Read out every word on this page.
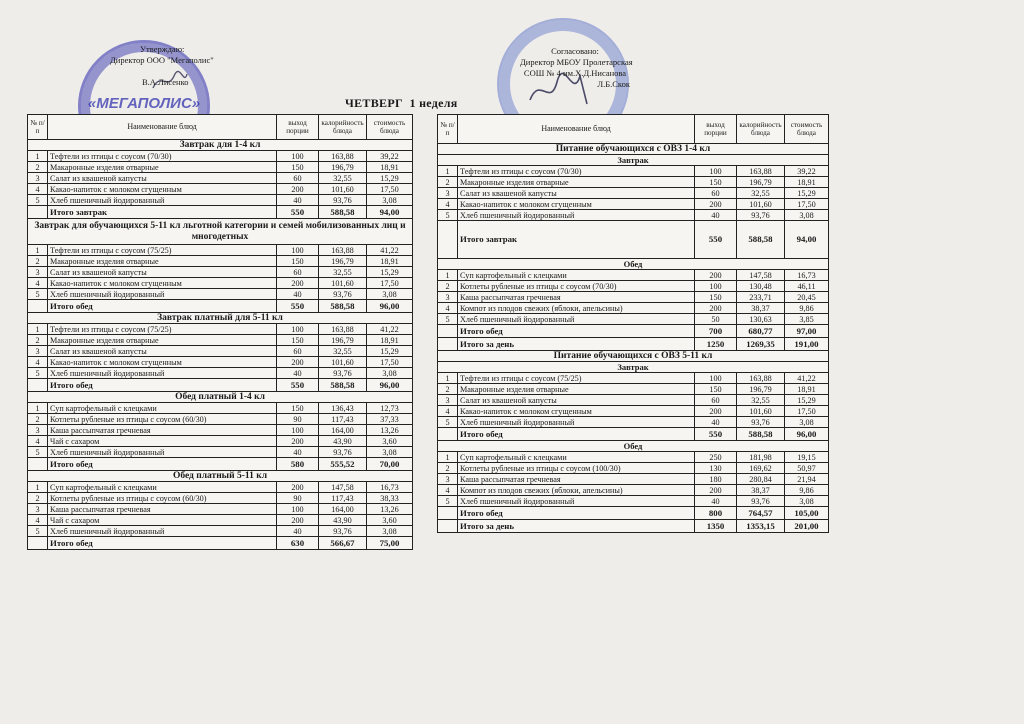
«МЕГАПОЛИС»
Утверждаю:
Директор ООО "Мегаполис"
В.А.Лисенко
Согласовано:
Директор МБОУ Пролетарская
СОШ № 4 им.Х.Д.Нисанова
Л.Б.Скок
ЧЕТВЕРГ  1 неделя
№ п/п	Наименование блюд	выход порции	калорийность блюда	стоимость блюда
Завтрак для 1-4 кл				
1	Тефтели из птицы с соусом (70/30)	100	163,88	39,22
2	Макаронные изделия отварные	150	196,79	18,91
3	Салат из квашеной капусты	60	32,55	15,29
4	Какао-напиток с молоком сгущенным	200	101,60	17,50
5	Хлеб пшеничный йодированный	40	93,76	3,08
	Итого завтрак	550	588,58	94,00
Завтрак для обучающихся 5-11 кл льготной категории и семей мобилизованных лиц и многодетных				
1	Тефтели из птицы с соусом (75/25)	100	163,88	41,22
2	Макаронные изделия отварные	150	196,79	18,91
3	Салат из квашеной капусты	60	32,55	15,29
4	Какао-напиток с молоком сгущенным	200	101,60	17,50
5	Хлеб пшеничный йодированный	40	93,76	3,08
	Итого обед	550	588,58	96,00
Завтрак платный для 5-11 кл				
1	Тефтели из птицы с соусом (75/25)	100	163,88	41,22
2	Макаронные изделия отварные	150	196,79	18,91
3	Салат из квашеной капусты	60	32,55	15,29
4	Какао-напиток с молоком сгущенным	200	101,60	17,50
5	Хлеб пшеничный йодированный	40	93,76	3,08
	Итого обед	550	588,58	96,00
Обед платный 1-4 кл				
1	Суп картофельный с клецками	150	136,43	12,73
2	Котлеты рубленые из птицы с соусом (60/30)	90	117,43	37,33
3	Каша рассыпчатая гречневая	100	164,00	13,26
4	Чай с сахаром	200	43,90	3,60
5	Хлеб пшеничный йодированный	40	93,76	3,08
	Итого обед	580	555,52	70,00
Обед платный 5-11 кл				
1	Суп картофельный с клецками	200	147,58	16,73
2	Котлеты рубленые из птицы с соусом (60/30)	90	117,43	38,33
3	Каша рассыпчатая гречневая	100	164,00	13,26
4	Чай с сахаром	200	43,90	3,60
5	Хлеб пшеничный йодированный	40	93,76	3,08
	Итого обед	630	566,67	75,00
№ п/п	Наименование блюд	выход порции	калорийность блюда	стоимость блюда
Питание обучающихся с ОВЗ 1-4 кл				
Завтрак				
1	Тефтели из птицы с соусом (70/30)	100	163,88	39,22
2	Макаронные изделия отварные	150	196,79	18,91
3	Салат из квашеной капусты	60	32,55	15,29
4	Какао-напиток с молоком сгущенным	200	101,60	17,50
5	Хлеб пшеничный йодированный	40	93,76	3,08
	Итого завтрак	550	588,58	94,00
Обед				
1	Суп картофельный с клецками	200	147,58	16,73
2	Котлеты рубленые из птицы с соусом (70/30)	100	130,48	46,11
3	Каша рассыпчатая гречневая	150	233,71	20,45
4	Компот из плодов свежих (яблоки, апельсины)	200	38,37	9,86
5	Хлеб пшеничный йодированный	50	130,63	3,85
	Итого обед	700	680,77	97,00
	Итого за день	1250	1269,35	191,00
Питание обучающихся с ОВЗ 5-11 кл				
Завтрак				
1	Тефтели из птицы с соусом (75/25)	100	163,88	41,22
2	Макаронные изделия отварные	150	196,79	18,91
3	Салат из квашеной капусты	60	32,55	15,29
4	Какао-напиток с молоком сгущенным	200	101,60	17,50
5	Хлеб пшеничный йодированный	40	93,76	3,08
	Итого обед	550	588,58	96,00
Обед				
1	Суп картофельный с клецками	250	181,98	19,15
2	Котлеты рубленые из птицы с соусом (100/30)	130	169,62	50,97
3	Каша рассыпчатая гречневая	180	280,84	21,94
4	Компот из плодов свежих (яблоки, апельсины)	200	38,37	9,86
5	Хлеб пшеничный йодированный	40	93,76	3,08
	Итого обед	800	764,57	105,00
	Итого за день	1350	1353,15	201,00
